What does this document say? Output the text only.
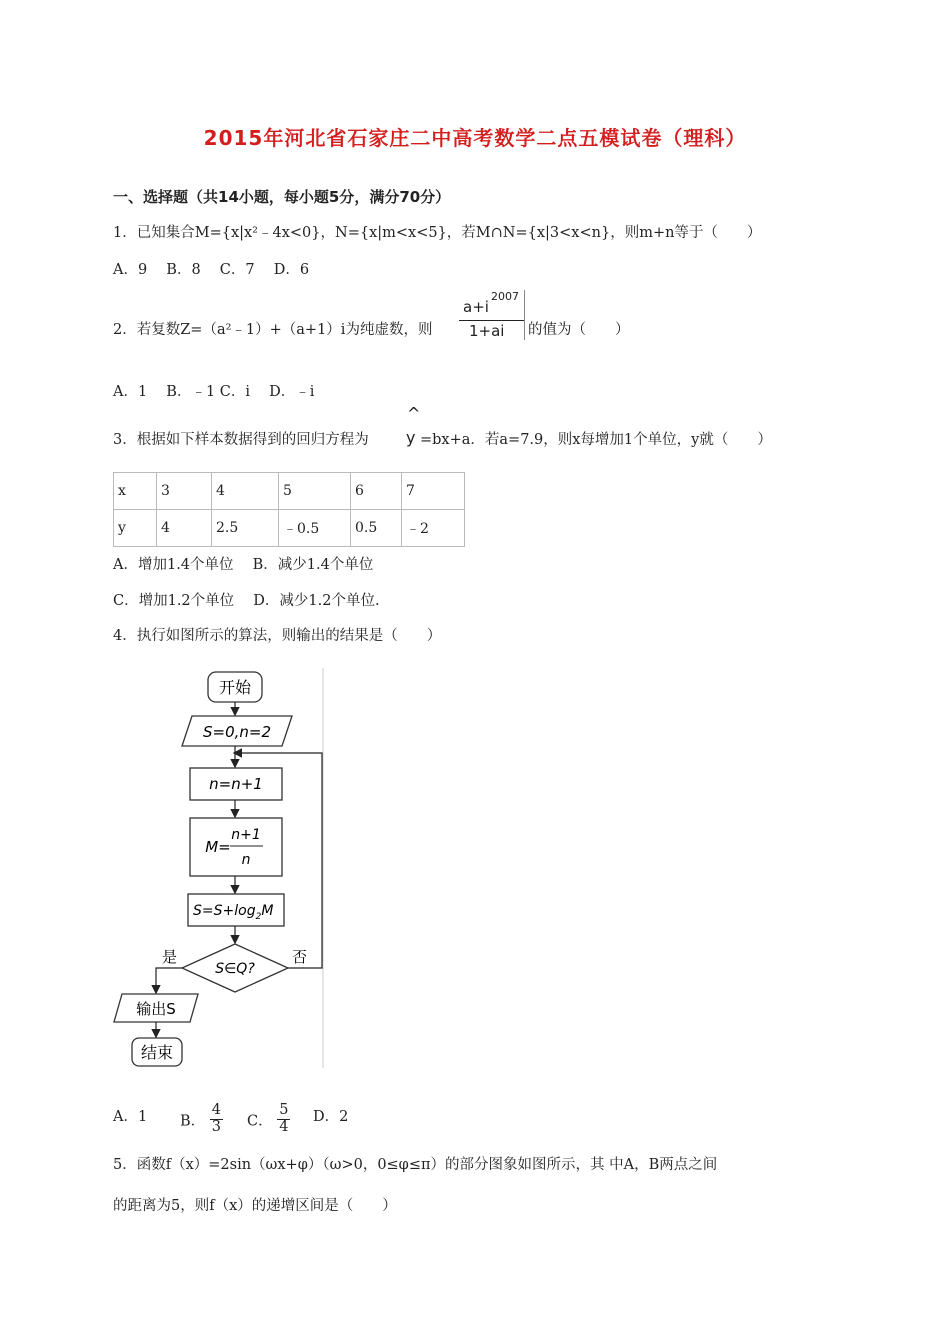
2015年河北省石家庄二中高考数学二点五模试卷（理科）
一、选择题（共14小题，每小题5分，满分70分）
1．已知集合M={x|x²﹣4x<0}，N={x|m<x<5}，若M∩N={x|3<x<n}，则m+n等于（　　）
A．9　 B．8　 C．7　 D．6
2．若复数Z=（a²﹣1）+（a+1）i为纯虚数，则
a+i
2007
1+ai 的值为（　　）
A．1　 B．﹣1 C．i　 D．﹣i
3．根据如下样本数据得到的回归方程为
^
y =bx+a．若a=7.9，则x每增加1个单位，y就（　　）
x	3	4	5	6	7
y	4	2.5	﹣0.5	0.5	﹣2
A．增加1.4个单位　 B．减少1.4个单位
C．增加1.2个单位　 D．减少1.2个单位.
4．执行如图所示的算法，则输出的结果是（　　）
开始
S=0,n=2
n=n+1
M=
n+1
n
$S=S+\log_2M$
S∈Q?
否
是
输出S
结束
A．1 B． $\frac{4}{3}$ C． $\frac{5}{4}$ D．2
5．函数f（x）=2sin（ωx+φ）（ω>0，0≤φ≤π）的部分图象如图所示，其 中A，B两点之间
的距离为5，则f（x）的递增区间是（　　）
